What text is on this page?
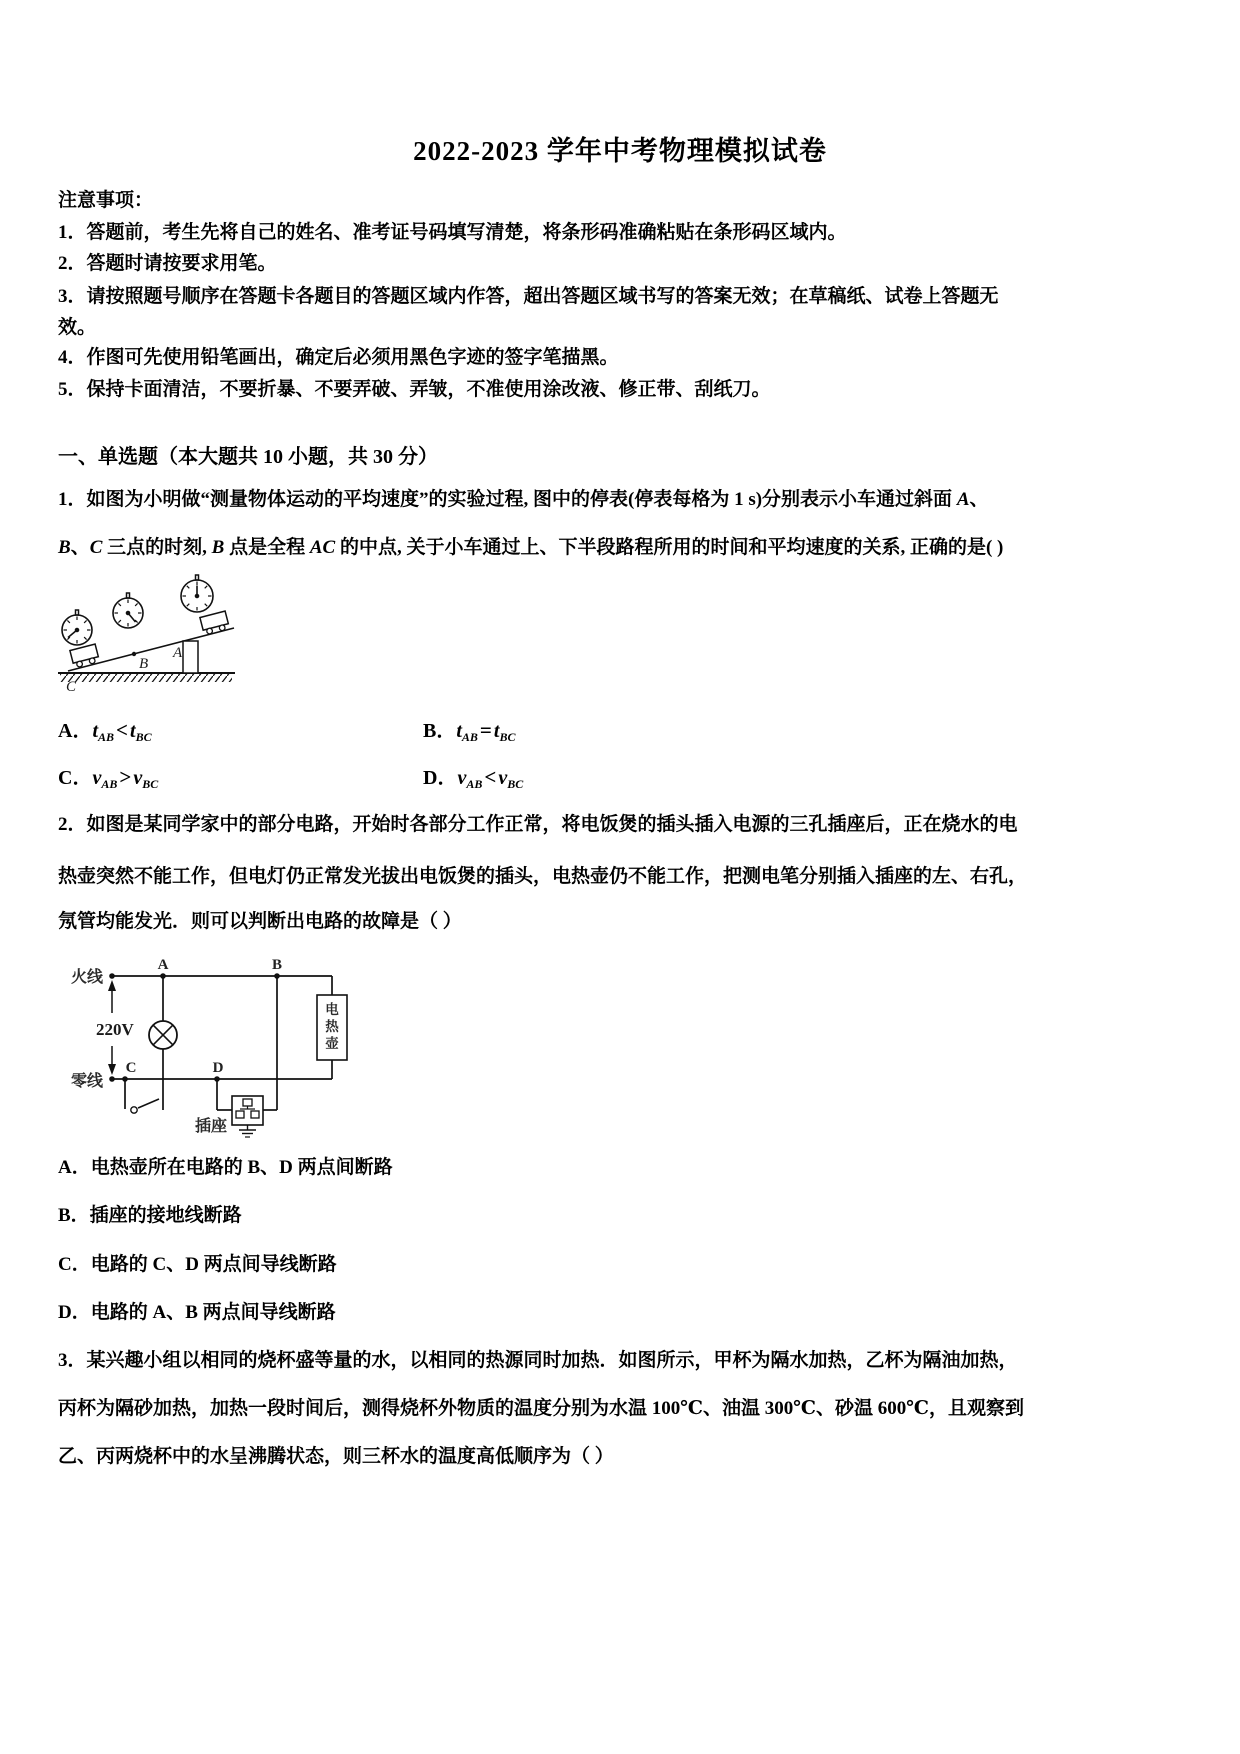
2022-2023 学年中考物理模拟试卷
注意事项：
1．答题前，考生先将自己的姓名、准考证号码填写清楚，将条形码准确粘贴在条形码区域内。
2．答题时请按要求用笔。
3．请按照题号顺序在答题卡各题目的答题区域内作答，超出答题区域书写的答案无效；在草稿纸、试卷上答题无
效。
4．作图可先使用铅笔画出，确定后必须用黑色字迹的签字笔描黑。
5．保持卡面清洁，不要折暴、不要弄破、弄皱，不准使用涂改液、修正带、刮纸刀。
一、单选题（本大题共 10 小题，共 30 分）
1．如图为小明做“测量物体运动的平均速度”的实验过程, 图中的停表(停表每格为 1 s)分别表示小车通过斜面 A、
B、C 三点的时刻, B 点是全程 AC 的中点, 关于小车通过上、下半段路程所用的时间和平均速度的关系, 正确的是( )
A
B
C
A．$t_{AB}< t_{BC}$	B．$t_{AB}= t_{BC}$
C．$v_{AB}> v_{BC}$	D．$v_{AB}< v_{BC}$
2．如图是某同学家中的部分电路，开始时各部分工作正常，将电饭煲的插头插入电源的三孔插座后，正在烧水的电
热壶突然不能工作，但电灯仍正常发光拔出电饭煲的插头，电热壶仍不能工作，把测电笔分别插入插座的左、右孔，
氖管均能发光．则可以判断出电路的故障是（ ）
220V
火线
零线
A
C
B
D
插座
电
热
壶
A．电热壶所在电路的 B、D 两点间断路
B．插座的接地线断路
C．电路的 C、D 两点间导线断路
D．电路的 A、B 两点间导线断路
3．某兴趣小组以相同的烧杯盛等量的水，以相同的热源同时加热．如图所示，甲杯为隔水加热，乙杯为隔油加热，
丙杯为隔砂加热，加热一段时间后，测得烧杯外物质的温度分别为水温 100℃、油温 300℃、砂温 600℃，且观察到
乙、丙两烧杯中的水呈沸腾状态，则三杯水的温度高低顺序为（ ）
